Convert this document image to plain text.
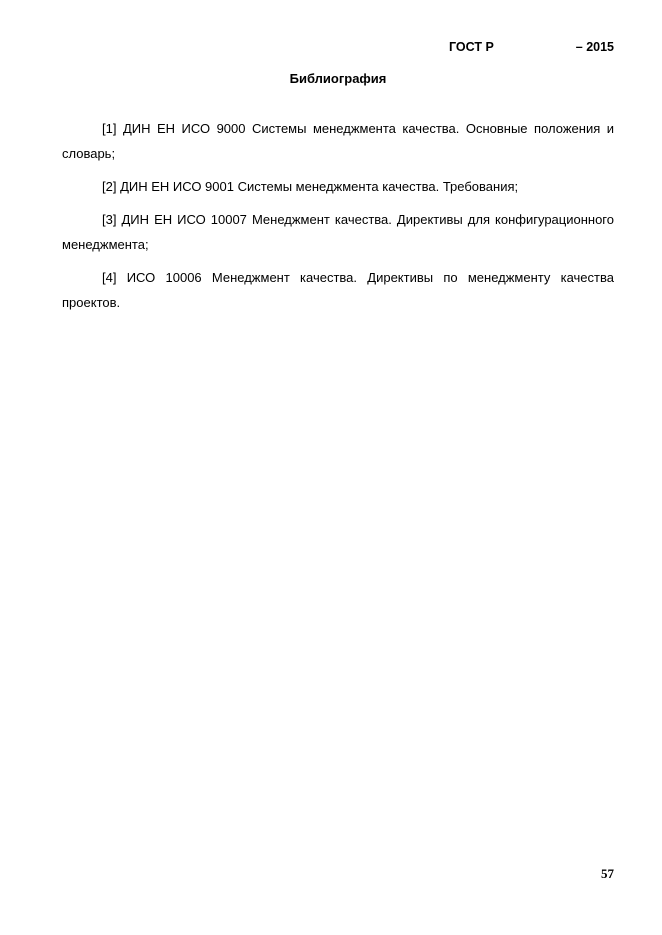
ГОСТ Р	– 2015
Библиография

[1] ДИН ЕН ИСО 9000 Системы менеджмента качества. Основные положения и словарь;

[2] ДИН ЕН ИСО 9001 Системы менеджмента качества. Требования;

[3] ДИН ЕН ИСО 10007 Менеджмент качества. Директивы для конфигурационного менеджмента;

[4] ИСО 10006 Менеджмент качества. Директивы по менеджменту качества проектов.

57
